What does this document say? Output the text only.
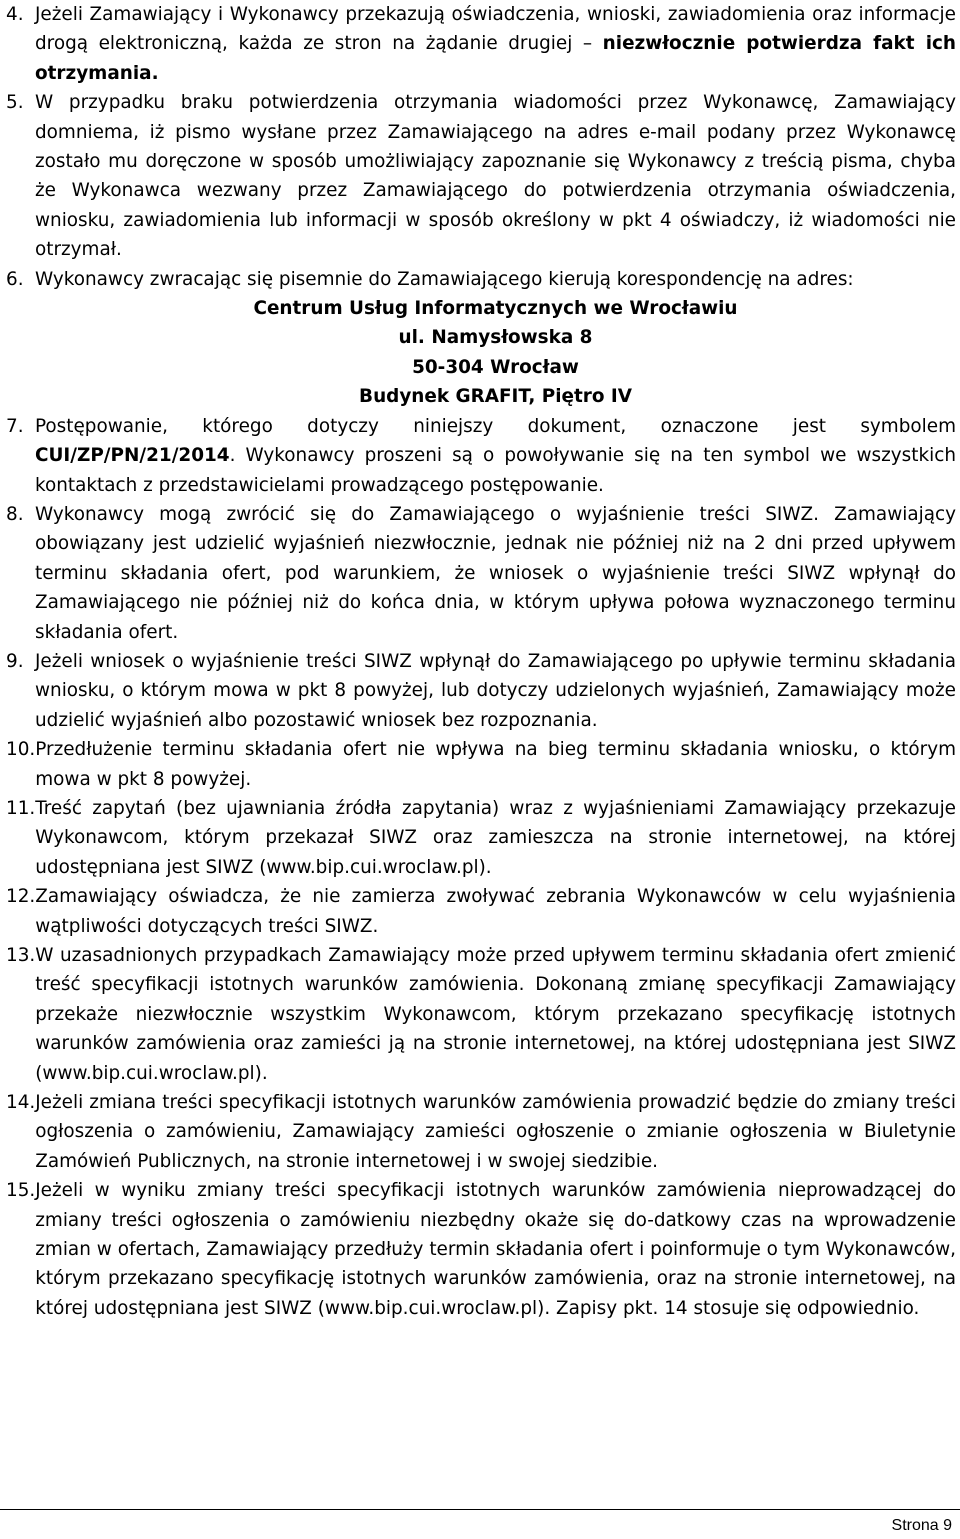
4. Jeżeli Zamawiający i Wykonawcy przekazują oświadczenia, wnioski, zawiadomienia oraz informacje drogą elektroniczną, każda ze stron na żądanie drugiej – niezwłocznie potwierdza fakt ich otrzymania.
5. W przypadku braku potwierdzenia otrzymania wiadomości przez Wykonawcę, Zamawiający domniema, iż pismo wysłane przez Zamawiającego na adres e-mail podany przez Wykonawcę zostało mu doręczone w sposób umożliwiający zapoznanie się Wykonawcy z treścią pisma, chyba że Wykonawca wezwany przez Zamawiającego do potwierdzenia otrzymania oświadczenia, wniosku, zawiadomienia lub informacji w sposób określony w pkt 4 oświadczy, iż wiadomości nie otrzymał.
6. Wykonawcy zwracając się pisemnie do Zamawiającego kierują korespondencję na adres:
Centrum Usług Informatycznych we Wrocławiu
ul. Namysłowska 8
50-304 Wrocław
Budynek GRAFIT, Piętro IV
7. Postępowanie, którego dotyczy niniejszy dokument, oznaczone jest symbolem CUI/ZP/PN/21/2014. Wykonawcy proszeni są o powoływanie się na ten symbol we wszystkich kontaktach z przedstawicielami prowadzącego postępowanie.
8. Wykonawcy mogą zwrócić się do Zamawiającego o wyjaśnienie treści SIWZ. Zamawiający obowiązany jest udzielić wyjaśnień niezwłocznie, jednak nie później niż na 2 dni przed upływem terminu składania ofert, pod warunkiem, że wniosek o wyjaśnienie treści SIWZ wpłynął do Zamawiającego nie później niż do końca dnia, w którym upływa połowa wyznaczonego terminu składania ofert.
9. Jeżeli wniosek o wyjaśnienie treści SIWZ wpłynął do Zamawiającego po upływie terminu składania wniosku, o którym mowa w pkt 8 powyżej, lub dotyczy udzielonych wyjaśnień, Zamawiający może udzielić wyjaśnień albo pozostawić wniosek bez rozpoznania.
10. Przedłużenie terminu składania ofert nie wpływa na bieg terminu składania wniosku, o którym mowa w pkt 8 powyżej.
11. Treść zapytań (bez ujawniania źródła zapytania) wraz z wyjaśnieniami Zamawiający przekazuje Wykonawcom, którym przekazał SIWZ oraz zamieszcza na stronie internetowej, na której udostępniana jest SIWZ (www.bip.cui.wroclaw.pl).
12. Zamawiający oświadcza, że nie zamierza zwoływać zebrania Wykonawców w celu wyjaśnienia wątpliwości dotyczących treści SIWZ.
13. W uzasadnionych przypadkach Zamawiający może przed upływem terminu składania ofert zmienić treść specyfikacji istotnych warunków zamówienia. Dokonaną zmianę specyfikacji Zamawiający przekaże niezwłocznie wszystkim Wykonawcom, którym przekazano specyfikację istotnych warunków zamówienia oraz zamieści ją na stronie internetowej, na której udostępniana jest SIWZ (www.bip.cui.wroclaw.pl).
14. Jeżeli zmiana treści specyfikacji istotnych warunków zamówienia prowadzić będzie do zmiany treści ogłoszenia o zamówieniu, Zamawiający zamieści ogłoszenie o zmianie ogłoszenia w Biuletynie Zamówień Publicznych, na stronie internetowej i w swojej siedzibie.
15. Jeżeli w wyniku zmiany treści specyfikacji istotnych warunków zamówienia nieprowadzącej do zmiany treści ogłoszenia o zamówieniu niezbędny okaże się do-datkowy czas na wprowadzenie zmian w ofertach, Zamawiający przedłuży termin składania ofert i poinformuje o tym Wykonawców, którym przekazano specyfikację istotnych warunków zamówienia, oraz na stronie internetowej, na której udostępniana jest SIWZ (www.bip.cui.wroclaw.pl). Zapisy pkt. 14 stosuje się odpowiednio.
Strona 9
